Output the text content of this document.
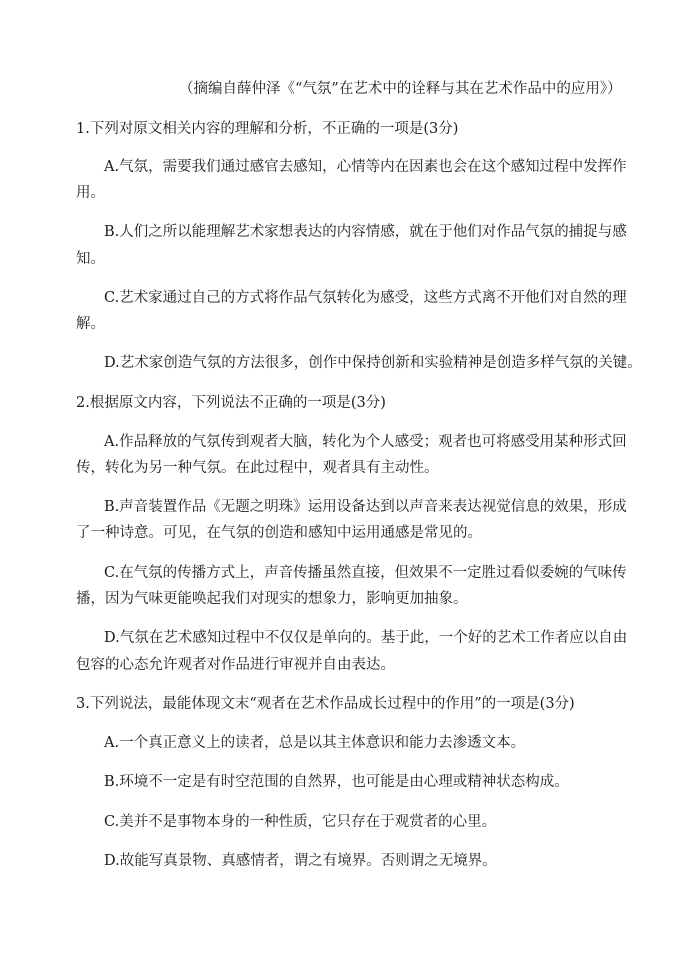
（摘编自薛仲泽《“气氛”在艺术中的诠释与其在艺术作品中的应用》）

1.下列对原文相关内容的理解和分析，不正确的一项是(3分)

A.气氛，需要我们通过感官去感知，心情等内在因素也会在这个感知过程中发挥作

用。

B.人们之所以能理解艺术家想表达的内容情感，就在于他们对作品气氛的捕捉与感

知。

C.艺术家通过自己的方式将作品气氛转化为感受，这些方式离不开他们对自然的理

解。

D.艺术家创造气氛的方法很多，创作中保持创新和实验精神是创造多样气氛的关键。

2.根据原文内容，下列说法不正确的一项是(3分)

A.作品释放的气氛传到观者大脑，转化为个人感受；观者也可将感受用某种形式回

传，转化为另一种气氛。在此过程中，观者具有主动性。

B.声音装置作品《无题之明珠》运用设备达到以声音来表达视觉信息的效果，形成

了一种诗意。可见，在气氛的创造和感知中运用通感是常见的。

C.在气氛的传播方式上，声音传播虽然直接，但效果不一定胜过看似委婉的气味传

播，因为气味更能唤起我们对现实的想象力，影响更加抽象。

D.气氛在艺术感知过程中不仅仅是单向的。基于此，一个好的艺术工作者应以自由

包容的心态允许观者对作品进行审视并自由表达。

3.下列说法，最能体现文末“观者在艺术作品成长过程中的作用”的一项是(3分)

A.一个真正意义上的读者，总是以其主体意识和能力去渗透文本。

B.环境不一定是有时空范围的自然界，也可能是由心理或精神状态构成。

C.美并不是事物本身的一种性质，它只存在于观赏者的心里。

D.故能写真景物、真感情者，谓之有境界。否则谓之无境界。
